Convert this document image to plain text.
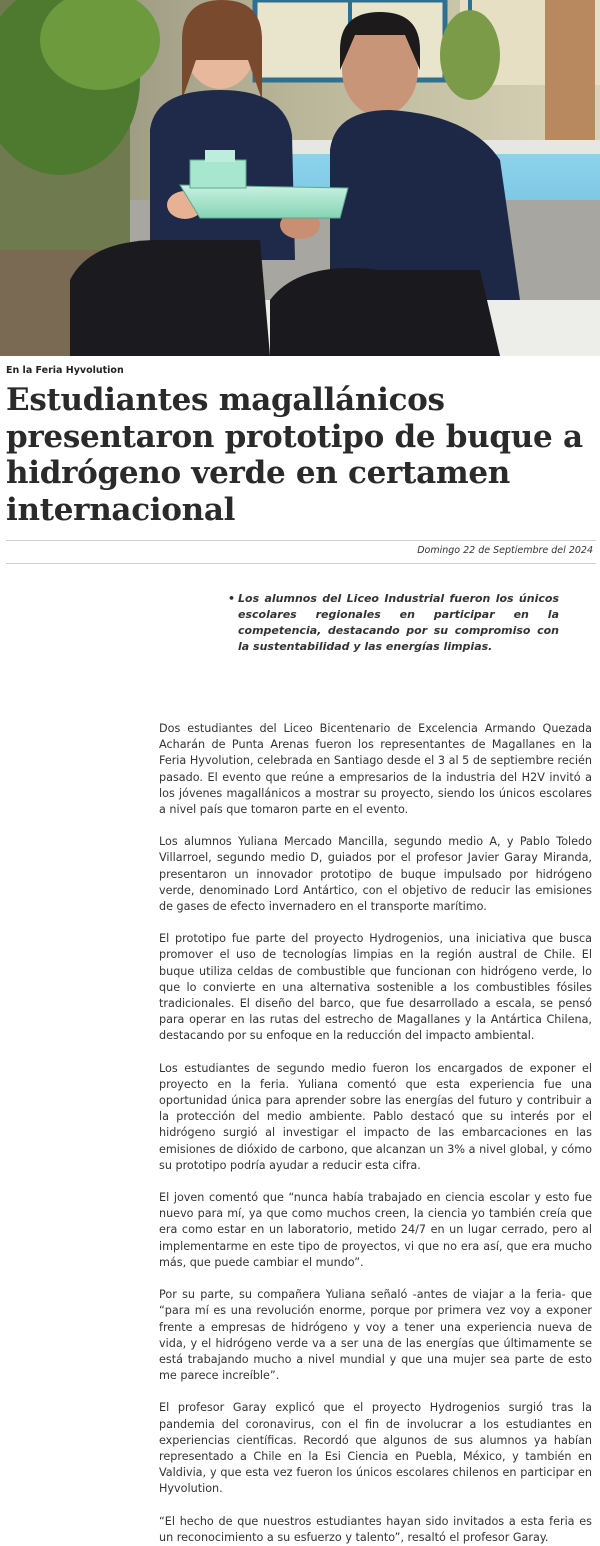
En la Feria Hyvolution
Estudiantes magallánicos presentaron prototipo de buque a hidrógeno verde en certamen internacional
Domingo 22 de Septiembre del 2024
• Los alumnos del Liceo Industrial fueron los únicos escolares regionales en participar en la competencia, destacando por su compromiso con la sustentabilidad y las energías limpias.

Dos estudiantes del Liceo Bicentenario de Excelencia Armando Quezada Acharán de Punta Arenas fueron los representantes de Magallanes en la Feria Hyvolution, celebrada en Santiago desde el 3 al 5 de septiembre recién pasado. El evento que reúne a empresarios de la industria del H2V invitó a los jóvenes magallánicos a mostrar su proyecto, siendo los únicos escolares a nivel país que tomaron parte en el evento.

Los alumnos Yuliana Mercado Mancilla, segundo medio A, y Pablo Toledo Villarroel, segundo medio D, guiados por el profesor Javier Garay Miranda, presentaron un innovador prototipo de buque impulsado por hidrógeno verde, denominado Lord Antártico, con el objetivo de reducir las emisiones de gases de efecto invernadero en el transporte marítimo.

El prototipo fue parte del proyecto Hydrogenios, una iniciativa que busca promover el uso de tecnologías limpias en la región austral de Chile. El buque utiliza celdas de combustible que funcionan con hidrógeno verde, lo que lo convierte en una alternativa sostenible a los combustibles fósiles tradicionales. El diseño del barco, que fue desarrollado a escala, se pensó para operar en las rutas del estrecho de Magallanes y la Antártica Chilena, destacando por su enfoque en la reducción del impacto ambiental.

Los estudiantes de segundo medio fueron los encargados de exponer el proyecto en la feria. Yuliana comentó que esta experiencia fue una oportunidad única para aprender sobre las energías del futuro y contribuir a la protección del medio ambiente. Pablo destacó que su interés por el hidrógeno surgió al investigar el impacto de las embarcaciones en las emisiones de dióxido de carbono, que alcanzan un 3% a nivel global, y cómo su prototipo podría ayudar a reducir esta cifra.

El joven comentó que “nunca había trabajado en ciencia escolar y esto fue nuevo para mí, ya que como muchos creen, la ciencia yo también creía que era como estar en un laboratorio, metido 24/7 en un lugar cerrado, pero al implementarme en este tipo de proyectos, vi que no era así, que era mucho más, que puede cambiar el mundo”.

Por su parte, su compañera Yuliana señaló -antes de viajar a la feria- que “para mí es una revolución enorme, porque por primera vez voy a exponer frente a empresas de hidrógeno y voy a tener una experiencia nueva de vida, y el hidrógeno verde va a ser una de las energías que últimamente se está trabajando mucho a nivel mundial y que una mujer sea parte de esto me parece increíble”.

El profesor Garay explicó que el proyecto Hydrogenios surgió tras la pandemia del coronavirus, con el fin de involucrar a los estudiantes en experiencias científicas. Recordó que algunos de sus alumnos ya habían representado a Chile en la Esi Ciencia en Puebla, México, y también en Valdivia, y que esta vez fueron los únicos escolares chilenos en participar en Hyvolution.

“El hecho de que nuestros estudiantes hayan sido invitados a esta feria es un reconocimiento a su esfuerzo y talento”, resaltó el profesor Garay.
